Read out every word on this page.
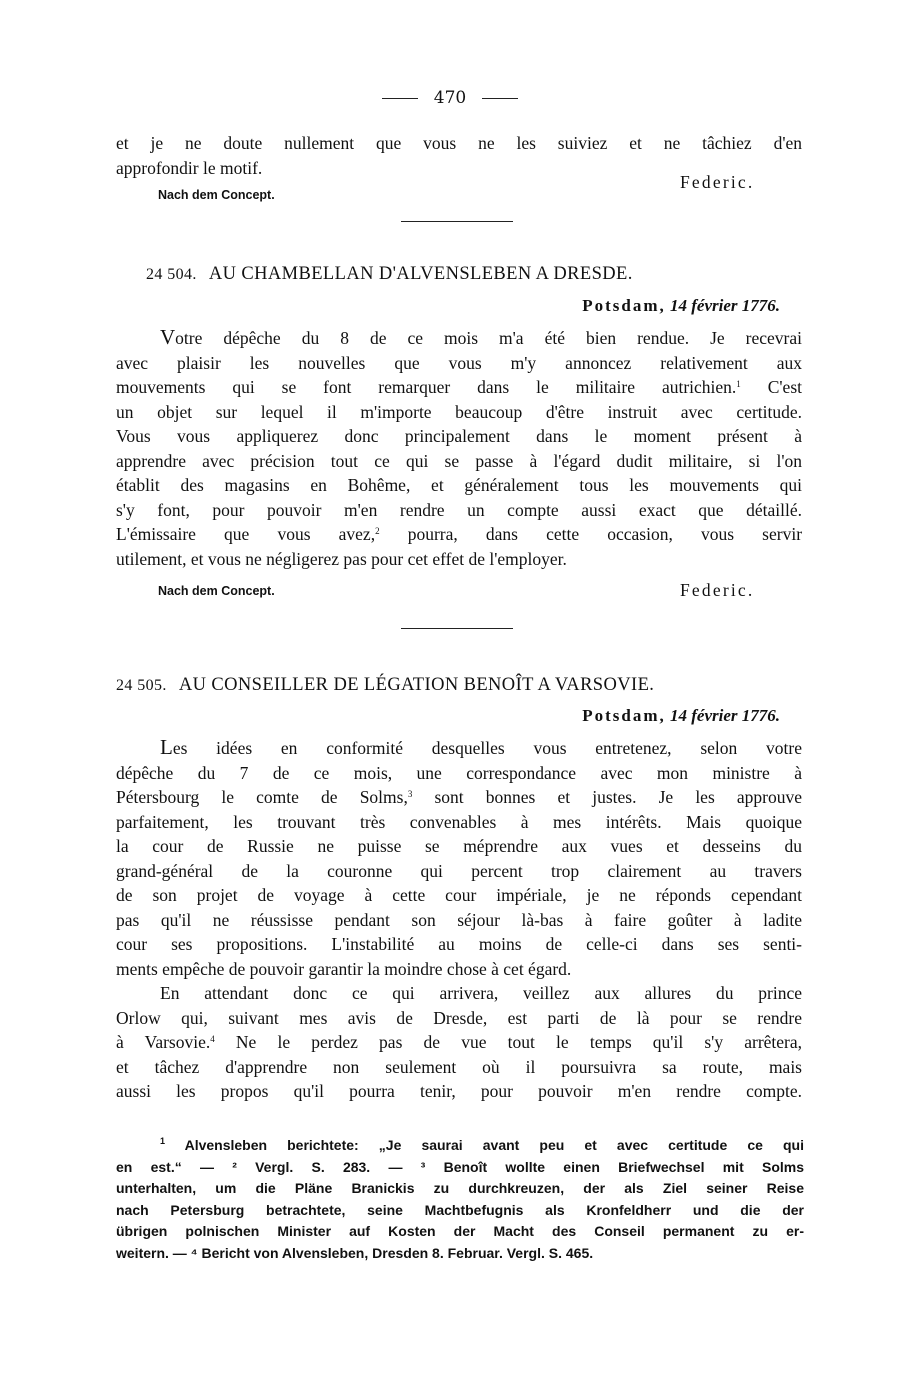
470
et je ne doute nullement que vous ne les suiviez et ne tâchiez d'en
approfondir le motif.
Federic.
Nach dem Concept.
24 504. AU CHAMBELLAN D'ALVENSLEBEN A DRESDE.
Potsdam, 14 février 1776.
Votre dépêche du 8 de ce mois m'a été bien rendue. Je recevrai
avec plaisir les nouvelles que vous m'y annoncez relativement aux
mouvements qui se font remarquer dans le militaire autrichien.$^1$ C'est
un objet sur lequel il m'importe beaucoup d'être instruit avec certitude.
Vous vous appliquerez donc principalement dans le moment présent à
apprendre avec précision tout ce qui se passe à l'égard dudit militaire, si l'on
établit des magasins en Bohême, et généralement tous les mouvements qui
s'y font, pour pouvoir m'en rendre un compte aussi exact que détaillé.
L'émissaire que vous avez,$^2$ pourra, dans cette occasion, vous servir
utilement, et vous ne négligerez pas pour cet effet de l'employer.
Nach dem Concept.	Federic.
24 505. AU CONSEILLER DE LÉGATION BENOÎT A VARSOVIE.
Potsdam, 14 février 1776.
Les idées en conformité desquelles vous entretenez, selon votre
dépêche du 7 de ce mois, une correspondance avec mon ministre à
Pétersbourg le comte de Solms,$^3$ sont bonnes et justes. Je les approuve
parfaitement, les trouvant très convenables à mes intérêts. Mais quoique
la cour de Russie ne puisse se méprendre aux vues et desseins du
grand-général de la couronne qui percent trop clairement au travers
de son projet de voyage à cette cour impériale, je ne réponds cependant
pas qu'il ne réussisse pendant son séjour là-bas à faire goûter à ladite
cour ses propositions. L'instabilité au moins de celle-ci dans ses senti-
ments empêche de pouvoir garantir la moindre chose à cet égard.
En attendant donc ce qui arrivera, veillez aux allures du prince
Orlow qui, suivant mes avis de Dresde, est parti de là pour se rendre
à Varsovie.$^4$ Ne le perdez pas de vue tout le temps qu'il s'y arrêtera,
et tâchez d'apprendre non seulement où il poursuivra sa route, mais
aussi les propos qu'il pourra tenir, pour pouvoir m'en rendre compte.
$^1$ Alvensleben berichtete: „Je saurai avant peu et avec certitude ce qui
en est.“ — ² Vergl. S. 283. — ³ Benoît wollte einen Briefwechsel mit Solms
unterhalten, um die Pläne Branickis zu durchkreuzen, der als Ziel seiner Reise
nach Petersburg betrachtete, seine Machtbefugnis als Kronfeldherr und die der
übrigen polnischen Minister auf Kosten der Macht des Conseil permanent zu er-
weitern. — ⁴ Bericht von Alvensleben, Dresden 8. Februar. Vergl. S. 465.
